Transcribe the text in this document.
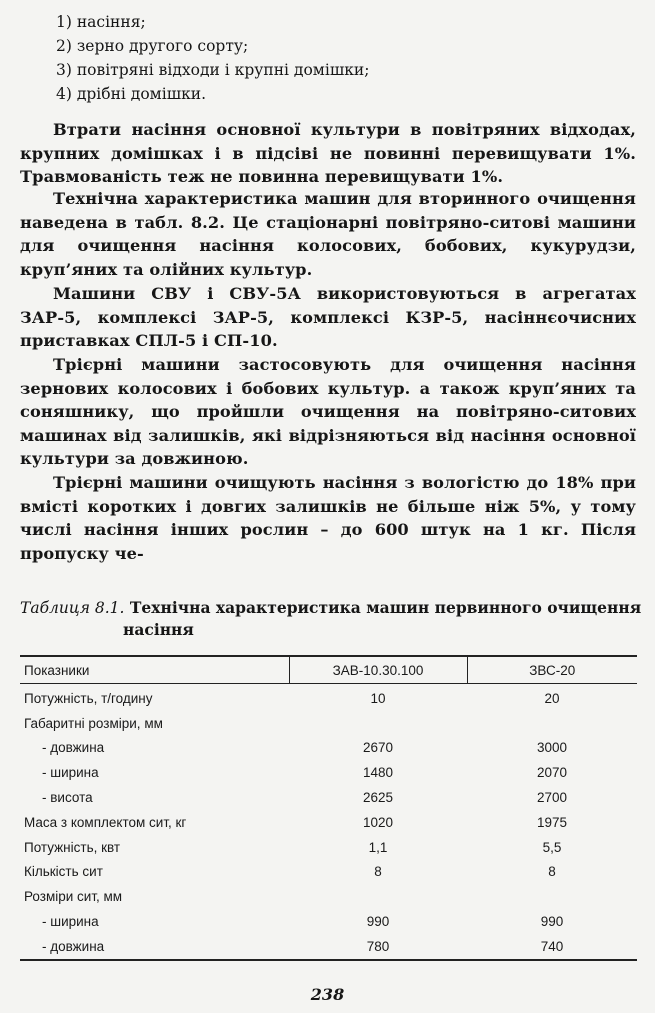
1) насіння;
2) зерно другого сорту;
3) повітряні відходи і крупні домішки;
4) дрібні домішки.

Втрати насіння основної культури в повітряних відходах, крупних домішках і в підсіві не повинні перевищувати 1%. Травмованість теж не повинна перевищувати 1%.

Технічна характеристика машин для вторинного очищення наведена в табл. 8.2. Це стаціонарні повітряно-ситові машини для очищення насіння колосових, бобових, кукурудзи, круп’яних та олійних культур.

Машини СВУ і СВУ-5А використовуються в агрегатах ЗАР-5, комплексі ЗАР-5, комплексі КЗР-5, насіннєочисних приставках СПЛ-5 і СП-10.

Трієрні машини застосовують для очищення насіння зернових колосових і бобових культур. а також круп’яних та соняшнику, що пройшли очищення на повітряно-ситових машинах від залишків, які відрізняються від насіння основної культури за довжиною.

Трієрні машини очищують насіння з вологістю до 18% при вмісті коротких і довгих залишків не більше ніж 5%, у тому числі насіння інших рослин – до 600 штук на 1 кг. Після пропуску че-

Таблиця 8.1. Технічна характеристика машин первинного очищення
насіння
Показники	ЗАВ-10.30.100	ЗВС-20
Потужність, т/годину	10	20
Габаритні розміри, мм		
- довжина	2670	3000
- ширина	1480	2070
- висота	2625	2700
Маса з комплектом сит, кг	1020	1975
Потужність, квт	1,1	5,5
Кількість сит	8	8
Розміри сит, мм		
- ширина	990	990
- довжина	780	740
238
